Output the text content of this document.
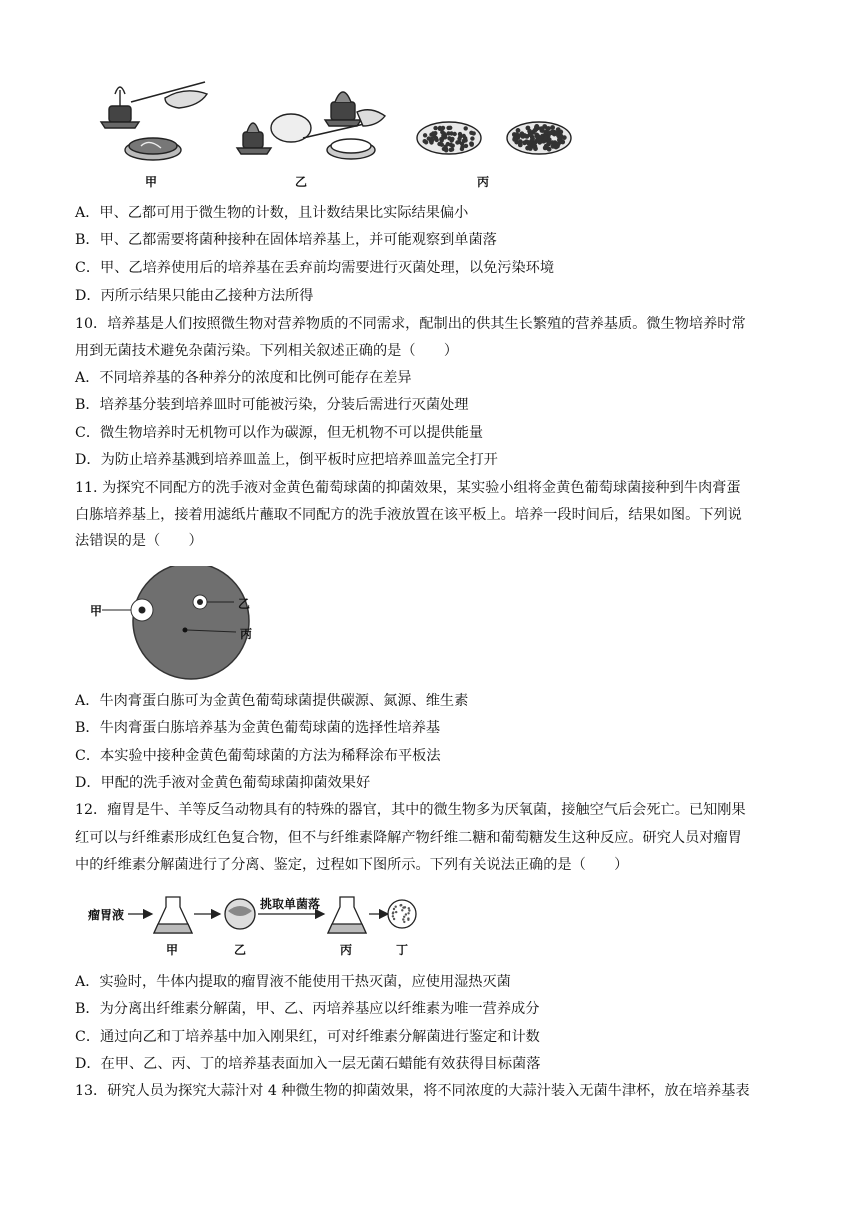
甲	乙	丙
A．甲、乙都可用于微生物的计数，且计数结果比实际结果偏小
B．甲、乙都需要将菌种接种在固体培养基上，并可能观察到单菌落
C．甲、乙培养使用后的培养基在丢弃前均需要进行灭菌处理，以免污染环境
D．丙所示结果只能由乙接种方法所得
10．培养基是人们按照微生物对营养物质的不同需求，配制出的供其生长繁殖的营养基质。微生物培养时常
用到无菌技术避免杂菌污染。下列相关叙述正确的是（　　）
A．不同培养基的各种养分的浓度和比例可能存在差异
B．培养基分装到培养皿时可能被污染，分装后需进行灭菌处理
C．微生物培养时无机物可以作为碳源，但无机物不可以提供能量
D．为防止培养基溅到培养皿盖上，倒平板时应把培养皿盖完全打开
11. 为探究不同配方的洗手液对金黄色葡萄球菌的抑菌效果，某实验小组将金黄色葡萄球菌接种到牛肉膏蛋
白胨培养基上，接着用滤纸片蘸取不同配方的洗手液放置在该平板上。培养一段时间后，结果如图。下列说
法错误的是（　　）
甲	乙
丙
A．牛肉膏蛋白胨可为金黄色葡萄球菌提供碳源、氮源、维生素
B．牛肉膏蛋白胨培养基为金黄色葡萄球菌的选择性培养基
C．本实验中接种金黄色葡萄球菌的方法为稀释涂布平板法
D．甲配的洗手液对金黄色葡萄球菌抑菌效果好
12．瘤胃是牛、羊等反刍动物具有的特殊的器官，其中的微生物多为厌氧菌，接触空气后会死亡。已知刚果
红可以与纤维素形成红色复合物，但不与纤维素降解产物纤维二糖和葡萄糖发生这种反应。研究人员对瘤胃
中的纤维素分解菌进行了分离、鉴定，过程如下图所示。下列有关说法正确的是（　　）
瘤胃液
挑取单菌落
甲	乙	丙	丁
A．实验时，牛体内提取的瘤胃液不能使用干热灭菌，应使用湿热灭菌
B．为分离出纤维素分解菌，甲、乙、丙培养基应以纤维素为唯一营养成分
C．通过向乙和丁培养基中加入刚果红，可对纤维素分解菌进行鉴定和计数
D．在甲、乙、丙、丁的培养基表面加入一层无菌石蜡能有效获得目标菌落
13．研究人员为探究大蒜汁对 4 种微生物的抑菌效果，将不同浓度的大蒜汁装入无菌牛津杯，放在培养基表
